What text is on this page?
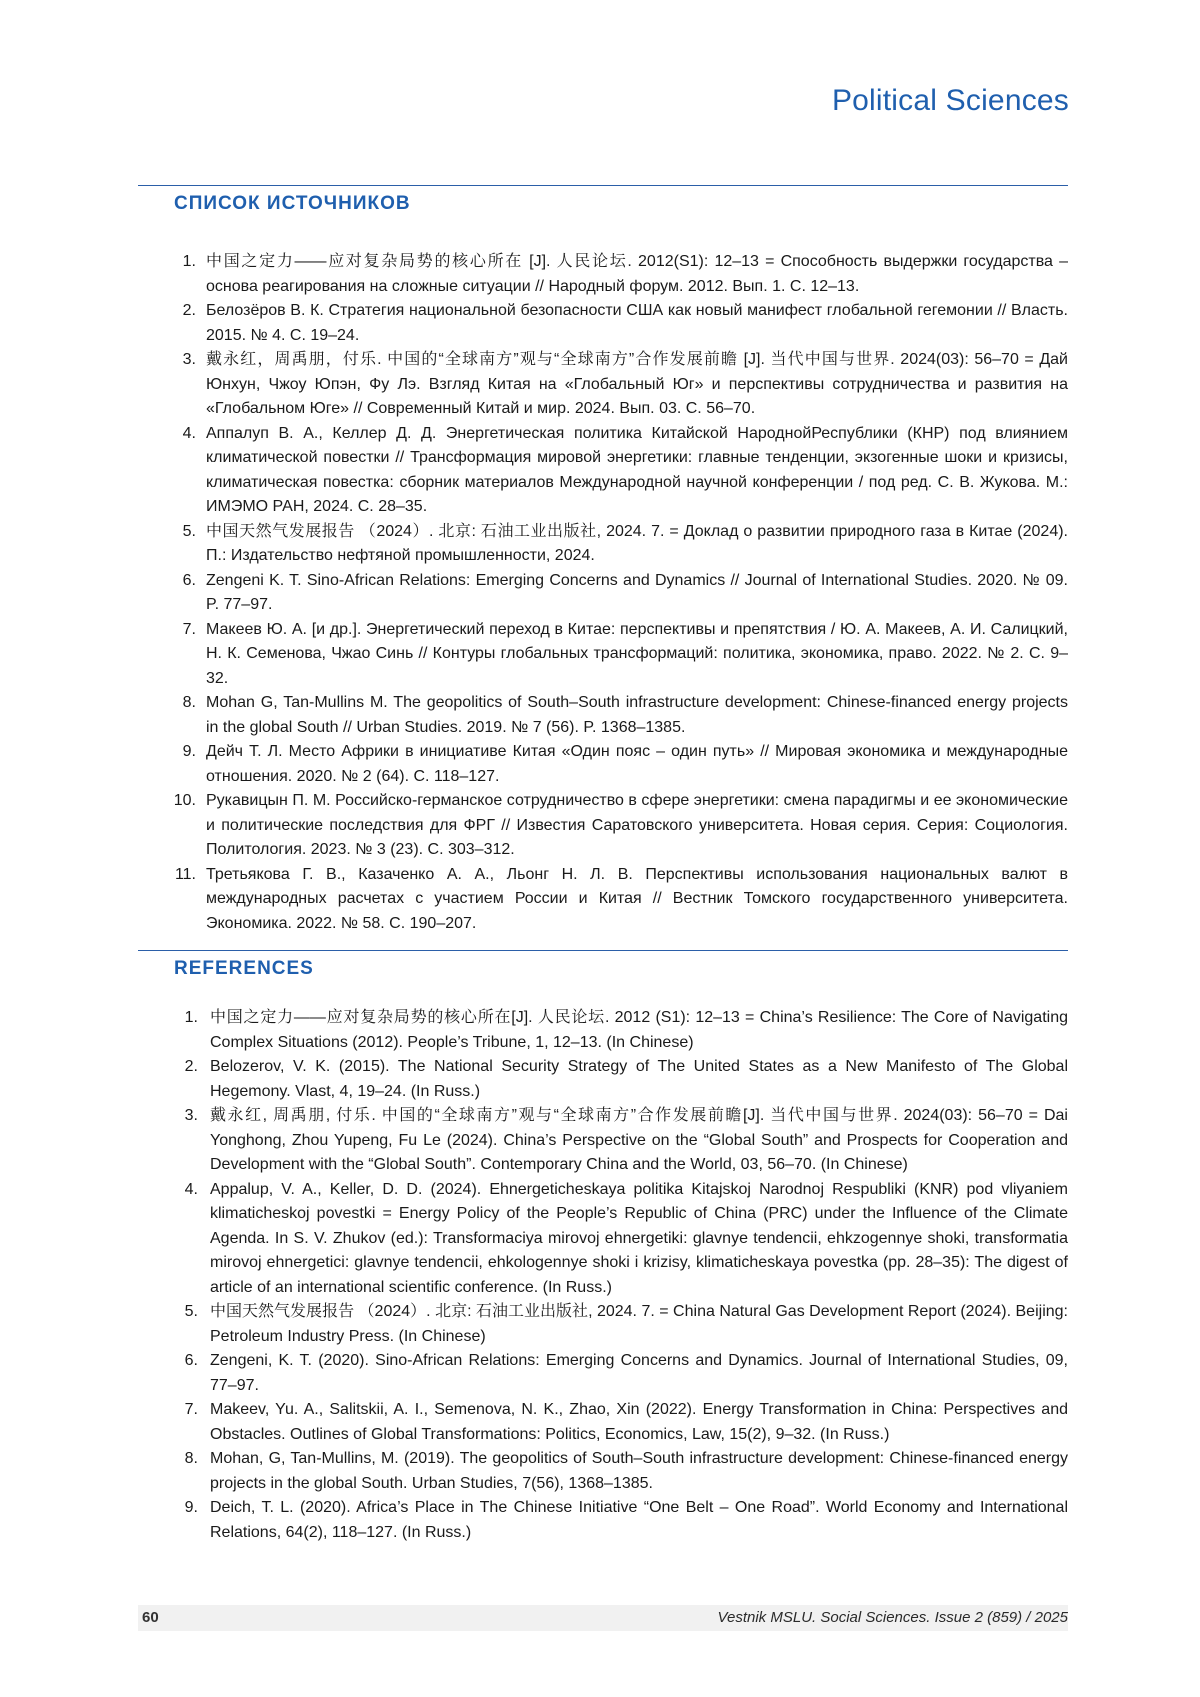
Political Sciences
СПИСОК ИСТОЧНИКОВ
1. 中国之定力——应对复杂局势的核心所在 [J]. 人民论坛. 2012(S1): 12–13 = Способность выдержки государства – основа реагирования на сложные ситуации // Народный форум. 2012. Вып. 1. С. 12–13.
2. Белозёров В. К. Стратегия национальной безопасности США как новый манифест глобальной гегемонии // Власть. 2015. № 4. С. 19–24.
3. 戴永红，周禹朋，付乐. 中国的“全球南方”观与“全球南方”合作发展前瞻 [J]. 当代中国与世界. 2024(03): 56–70 = Дай Юнхун, Чжоу Юпэн, Фу Лэ. Взгляд Китая на «Глобальный Юг» и перспективы сотрудничества и развития на «Глобальном Юге» // Современный Китай и мир. 2024. Вып. 03. С. 56–70.
4. Аппалуп В. А., Келлер Д. Д. Энергетическая политика Китайской НароднойРеспублики (КНР) под влиянием климатической повестки // Трансформация мировой энергетики: главные тенденции, экзогенные шоки и кризисы, климатическая повестка: сборник материалов Международной научной конференции / под ред. С. В. Жукова. М.: ИМЭМО РАН, 2024. С. 28–35.
5. 中国天然气发展报告 （2024）. 北京: 石油工业出版社, 2024. 7. = Доклад о развитии природного газа в Китае (2024). П.: Издательство нефтяной промышленности, 2024.
6. Zengeni K. T. Sino-African Relations: Emerging Concerns and Dynamics // Journal of International Studies. 2020. № 09. P. 77–97.
7. Макеев Ю. А. [и др.]. Энергетический переход в Китае: перспективы и препятствия / Ю. А. Макеев, А. И. Салицкий, Н. К. Семенова, Чжао Синь // Контуры глобальных трансформаций: политика, экономика, право. 2022. № 2. С. 9–32.
8. Mohan G, Tan-Mullins M. The geopolitics of South–South infrastructure development: Chinese-financed energy projects in the global South // Urban Studies. 2019. № 7 (56). P. 1368–1385.
9. Дейч Т. Л. Место Африки в инициативе Китая «Один пояс – один путь» // Мировая экономика и международные отношения. 2020. № 2 (64). С. 118–127.
10. Рукавицын П. М. Российско-германское сотрудничество в сфере энергетики: смена парадигмы и ее экономические и политические последствия для ФРГ // Известия Саратовского университета. Новая серия. Серия: Социология. Политология. 2023. № 3 (23). С. 303–312.
11. Третьякова Г. В., Казаченко А. А., Льонг Н. Л. В. Перспективы использования национальных валют в международных расчетах с участием России и Китая // Вестник Томского государственного университета. Экономика. 2022. № 58. С. 190–207.
REFERENCES
1. 中国之定力——应对复杂局势的核心所在[J]. 人民论坛. 2012 (S1): 12–13 = China’s Resilience: The Core of Navigating Complex Situations (2012). People’s Tribune, 1, 12–13. (In Chinese)
2. Belozerov, V. K. (2015). The National Security Strategy of The United States as a New Manifesto of The Global Hegemony. Vlast, 4, 19–24. (In Russ.)
3. 戴永红, 周禹朋, 付乐. 中国的“全球南方”观与“全球南方”合作发展前瞻[J]. 当代中国与世界. 2024(03): 56–70 = Dai Yonghong, Zhou Yupeng, Fu Le (2024). China’s Perspective on the “Global South” and Prospects for Cooperation and Development with the “Global South”. Contemporary China and the World, 03, 56–70. (In Chinese)
4. Appalup, V. A., Keller, D. D. (2024). Ehnergeticheskaya politika Kitajskoj Narodnoj Respubliki (KNR) pod vliyaniem klimaticheskoj povestki = Energy Policy of the People’s Republic of China (PRC) under the Influence of the Climate Agenda. In S. V. Zhukov (ed.): Transformaciya mirovoj ehnergetiki: glavnye tendencii, ehkzogennye shoki, transformatia mirovoj ehnergetici: glavnye tendencii, ehkologennye shoki i krizisy, klimaticheskaya povestka (pp. 28–35): The digest of article of an international scientific conference. (In Russ.)
5. 中国天然气发展报告 （2024）. 北京: 石油工业出版社, 2024. 7. = China Natural Gas Development Report (2024). Beijing: Petroleum Industry Press. (In Chinese)
6. Zengeni, K. T. (2020). Sino-African Relations: Emerging Concerns and Dynamics. Journal of International Studies, 09, 77–97.
7. Makeev, Yu. A., Salitskii, A. I., Semenova, N. K., Zhao, Xin (2022). Energy Transformation in China: Perspectives and Obstacles. Outlines of Global Transformations: Politics, Economics, Law, 15(2), 9–32. (In Russ.)
8. Mohan, G, Tan-Mullins, M. (2019). The geopolitics of South–South infrastructure development: Chinese-financed energy projects in the global South. Urban Studies, 7(56), 1368–1385.
9. Deich, T. L. (2020). Africa’s Place in The Chinese Initiative “One Belt – One Road”. World Economy and International Relations, 64(2), 118–127. (In Russ.)
60	Vestnik MSLU. Social Sciences. Issue 2 (859) / 2025
